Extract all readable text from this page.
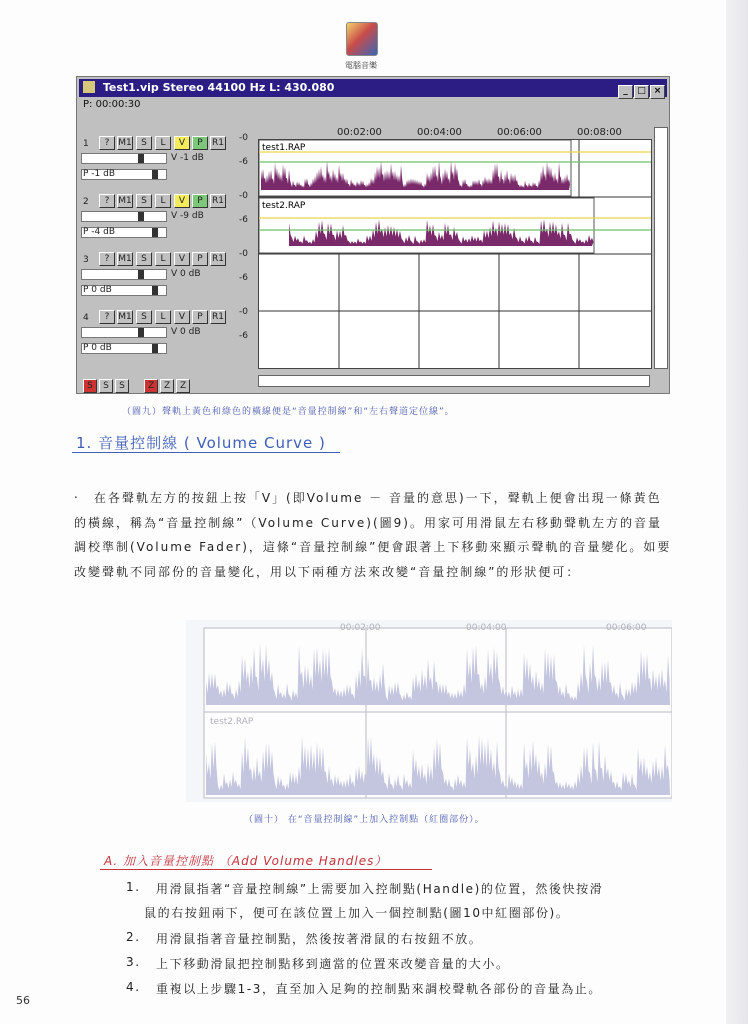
電腦音樂
Test1.vip Stereo 44100 Hz L: 430.080	_ □ ×
P: 00:00:30
00:02:00	00:04:00	00:06:00	00:08:00
1	? M1	S	L	V	P	R1
V -1 dB
P -1 dB
2	? M1	S	L	V	P	R1
V -9 dB
P -4 dB
3	? M1	S	L	V	P	R1
V 0 dB
P 0 dB
4	? M1	S	L	V	P	R1
V 0 dB
P 0 dB
-0
-6
-0
-6
-0
-6
-0
-6
test1.RAP
test2.RAP
S S S	Z Z Z
（圖九）聲軌上黃色和綠色的橫線便是“音量控制線”和“左右聲道定位線”。
1. 音量控制線 ( Volume Curve )
‧　在各聲軌左方的按鈕上按「V」(即Volume － 音量的意思)一下，聲軌上便會出現一條黃色的橫線，稱為“音量控制線”（Volume Curve)(圖9)。用家可用滑鼠左右移動聲軌左方的音量調校準制(Volume Fader)，這條“音量控制線”便會跟著上下移動來顯示聲軌的音量變化。如要改變聲軌不同部份的音量變化，用以下兩種方法來改變“音量控制線”的形狀便可：
00:02:00	00:04:00	00:06:00
test2.RAP
（圖十） 在“音量控制線”上加入控制點（紅圈部份）。
A. 加入音量控制點 （Add Volume Handles）
1. 用滑鼠指著“音量控制線”上需要加入控制點(Handle)的位置，然後快按滑
鼠的右按鈕兩下，便可在該位置上加入一個控制點(圖10中紅圈部份)。
2. 用滑鼠指著音量控制點，然後按著滑鼠的右按鈕不放。
3. 上下移動滑鼠把控制點移到適當的位置來改變音量的大小。
4. 重複以上步驟1-3，直至加入足夠的控制點來調校聲軌各部份的音量為止。
56
